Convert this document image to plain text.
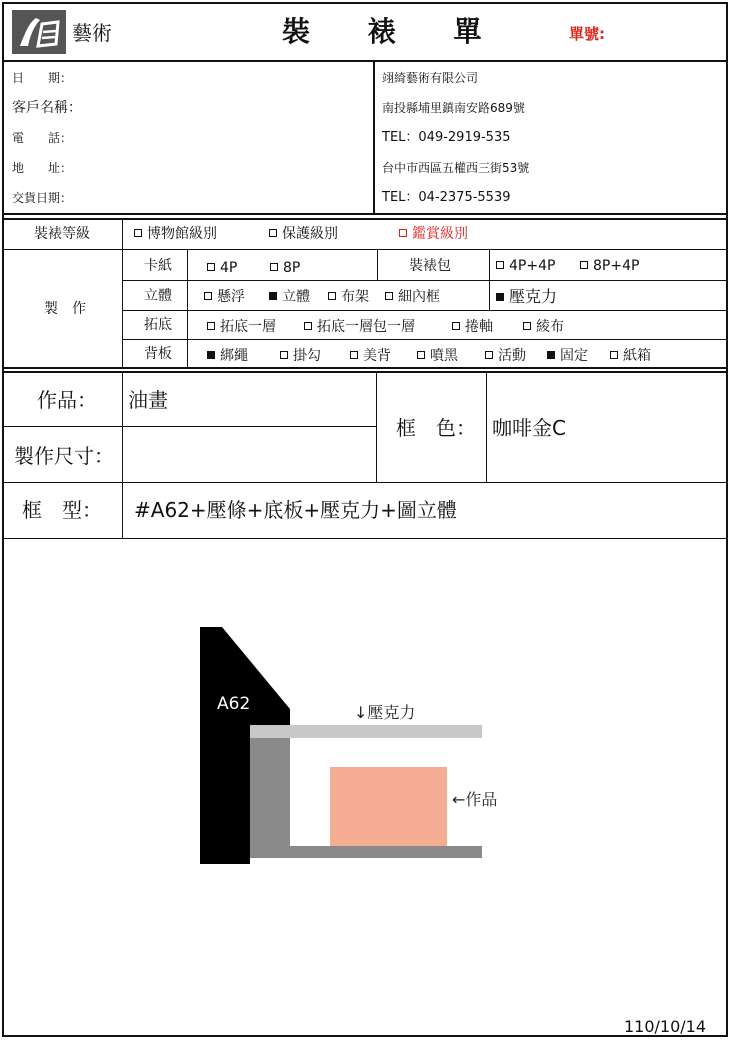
藝術	裝 裱 單	單號:
日　　期：
客戶名稱：
電　　話：
地　　址：
交貨日期：
翊綺藝術有限公司
南投縣埔里鎮南安路689號
TEL：049-2919-535
台中市西區五權西三街53號
TEL：04-2375-5539
裝裱等級	博物館級別	保護級別	鑑賞級別
製　作
卡紙	4P	8P	裝裱包	4P+4P	8P+4P
立體	懸浮	立體	布架	細內框	壓克力
拓底	拓底一層	拓底一層包一層	捲軸	綾布
背板	綁繩	掛勾	美背	噴黑	活動	固定	紙箱
作品： 油畫
製作尺寸：
框　色： 咖啡金C
框　型： #A62+壓條+底板+壓克力+圖立體
A62	↓壓克力
←作品
110/10/14
